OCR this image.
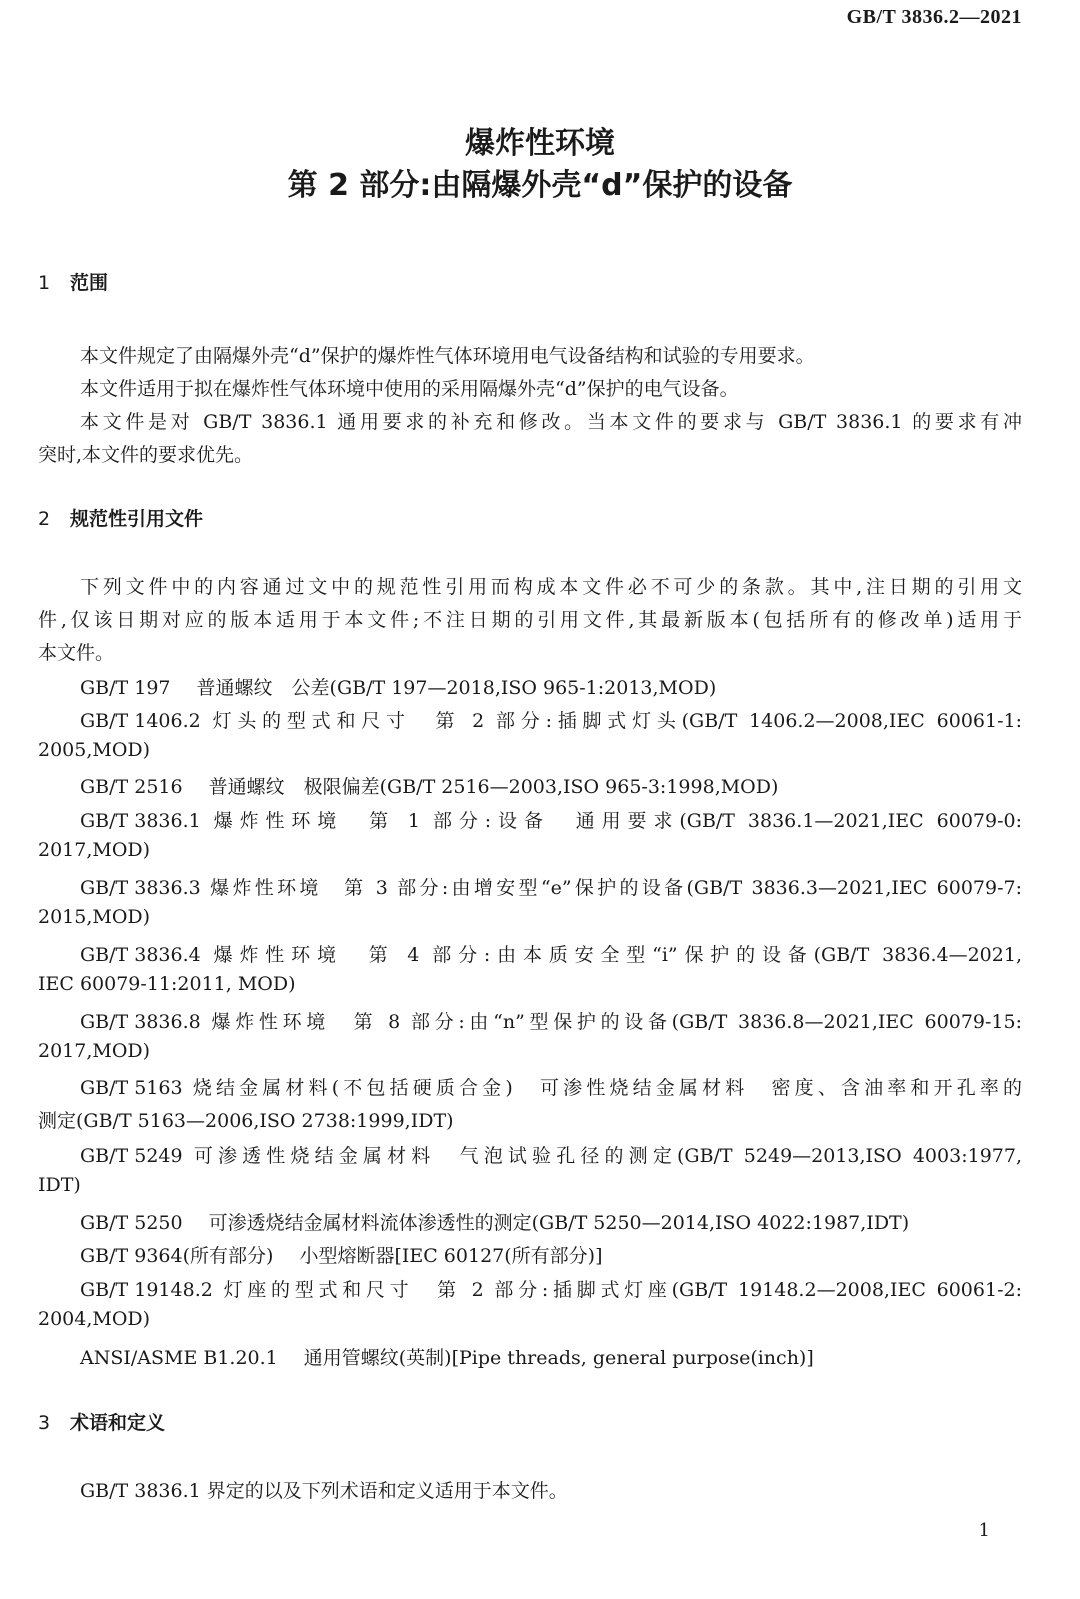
GB/T 3836.2—2021
爆炸性环境
第 2 部分:由隔爆外壳“d”保护的设备
1 范围
本文件规定了由隔爆外壳“d”保护的爆炸性气体环境用电气设备结构和试验的专用要求。
本文件适用于拟在爆炸性气体环境中使用的采用隔爆外壳“d”保护的电气设备。
本文件是对 GB/T 3836.1 通用要求的补充和修改。当本文件的要求与 GB/T 3836.1 的要求有冲
突时,本文件的要求优先。
2 规范性引用文件
下列文件中的内容通过文中的规范性引用而构成本文件必不可少的条款。其中,注日期的引用文
件,仅该日期对应的版本适用于本文件;不注日期的引用文件,其最新版本(包括所有的修改单)适用于
本文件。
GB/T 197 普通螺纹　公差(GB/T 197—2018,ISO 965-1:2013,MOD)
GB/T 1406.2 灯头的型式和尺寸　第 2 部分:插脚式灯头(GB/T 1406.2—2008,IEC 60061-1:
2005,MOD)
GB/T 2516 普通螺纹　极限偏差(GB/T 2516—2003,ISO 965-3:1998,MOD)
GB/T 3836.1 爆炸性环境　第 1 部分:设备　通用要求(GB/T 3836.1—2021,IEC 60079-0:
2017,MOD)
GB/T 3836.3 爆炸性环境　第 3 部分:由增安型“e”保护的设备(GB/T 3836.3—2021,IEC 60079-7:
2015,MOD)
GB/T 3836.4 爆炸性环境　第 4 部分:由本质安全型“i”保护的设备(GB/T 3836.4—2021,
IEC 60079-11:2011, MOD)
GB/T 3836.8 爆炸性环境　第 8 部分:由“n”型保护的设备(GB/T 3836.8—2021,IEC 60079-15:
2017,MOD)
GB/T 5163 烧结金属材料(不包括硬质合金)　可渗性烧结金属材料　密度、含油率和开孔率的
测定(GB/T 5163—2006,ISO 2738:1999,IDT)
GB/T 5249 可渗透性烧结金属材料　气泡试验孔径的测定(GB/T 5249—2013,ISO 4003:1977,
IDT)
GB/T 5250 可渗透烧结金属材料流体渗透性的测定(GB/T 5250—2014,ISO 4022:1987,IDT)
GB/T 9364(所有部分) 小型熔断器[IEC 60127(所有部分)]
GB/T 19148.2 灯座的型式和尺寸　第 2 部分:插脚式灯座(GB/T 19148.2—2008,IEC 60061-2:
2004,MOD)
ANSI/ASME B1.20.1 通用管螺纹(英制)[Pipe threads, general purpose(inch)]
3 术语和定义
GB/T 3836.1 界定的以及下列术语和定义适用于本文件。
1
